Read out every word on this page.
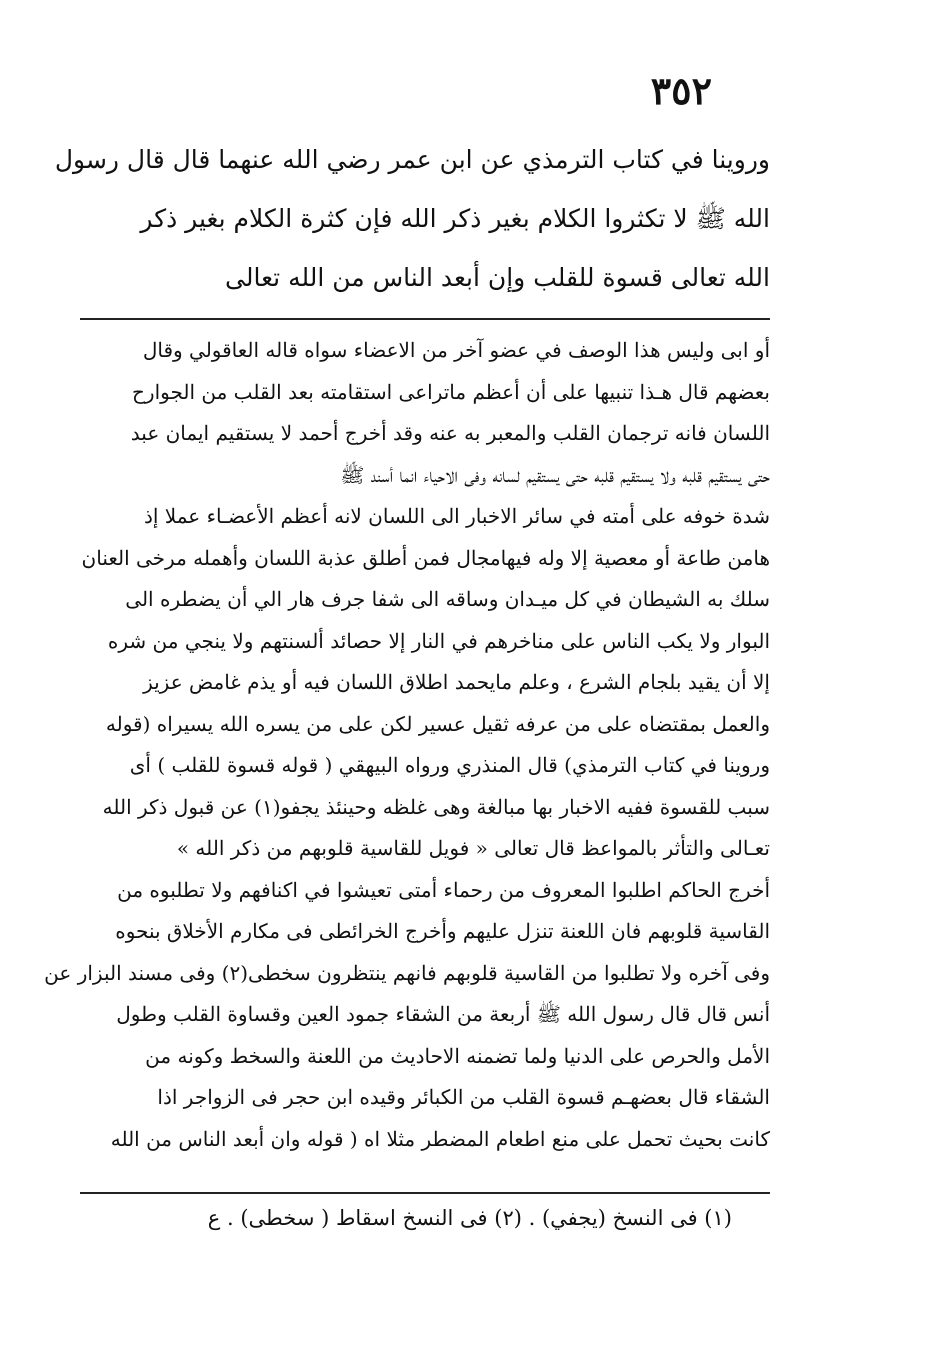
٣٥٢
وروينا في كتاب الترمذي عن ابن عمر رضي الله عنهما قال قال رسول
الله ﷺ لا تكثروا الكلام بغير ذكر الله فإن كثرة الكلام بغير ذكر
الله تعالى قسوة للقلب وإن أبعد الناس من الله تعالى
أو ابى وليس هذا الوصف في عضو آخر من الاعضاء سواه قاله العاقولي وقال
بعضهم قال هـذا تنبيها على أن أعظم ماتراعى استقامته بعد القلب من الجوارح
اللسان فانه ترجمان القلب والمعبر به عنه وقد أخرج أحمد لا يستقيم ايمان عبد
حتى يستقيم قلبه ولا يستقيم قلبه حتى يستقيم لسانه وفى الاحياء انما أسند ﷺ
شدة خوفه على أمته في سائر الاخبار الى اللسان لانه أعظم الأعضـاء عملا إذ
هامن طاعة أو معصية إلا وله فيهامجال فمن أطلق عذبة اللسان وأهمله مرخى العنان
سلك به الشيطان في كل ميـدان وساقه الى شفا جرف هار الي أن يضطره الى
البوار ولا يكب الناس على مناخرهم في النار إلا حصائد ألسنتهم ولا ينجي من شره
إلا أن يقيد بلجام الشرع ، وعلم مايحمد اطلاق اللسان فيه أو يذم غامض عزيز
والعمل بمقتضاه على من عرفه ثقيل عسير لكن على من يسره الله يسيراه (قوله
وروينا في كتاب الترمذي) قال المنذري ورواه البيهقي ( قوله قسوة للقلب ) أى
سبب للقسوة ففيه الاخبار بها مبالغة وهى غلظه وحينئذ يجفو(١) عن قبول ذكر الله
تعـالى والتأثر بالمواعظ قال تعالى « فويل للقاسية قلوبهم من ذكر الله »
أخرج الحاكم اطلبوا المعروف من رحماء أمتى تعيشوا في اكنافهم ولا تطلبوه من
القاسية قلوبهم فان اللعنة تنزل عليهم وأخرج الخرائطى فى مكارم الأخلاق بنحوه
وفى آخره ولا تطلبوا من القاسية قلوبهم فانهم ينتظرون سخطى(٢) وفى مسند البزار عن
أنس قال قال رسول الله ﷺ أربعة من الشقاء جمود العين وقساوة القلب وطول
الأمل والحرص على الدنيا ولما تضمنه الاحاديث من اللعنة والسخط وكونه من
الشقاء قال بعضهـم قسوة القلب من الكبائر وقيده ابن حجر فى الزواجر اذا
كانت بحيث تحمل على منع اطعام المضطر مثلا اه ( قوله وان أبعد الناس من الله
(١) فى النسخ (يجفي) . (٢) فى النسخ اسقاط ( سخطى) . ع
